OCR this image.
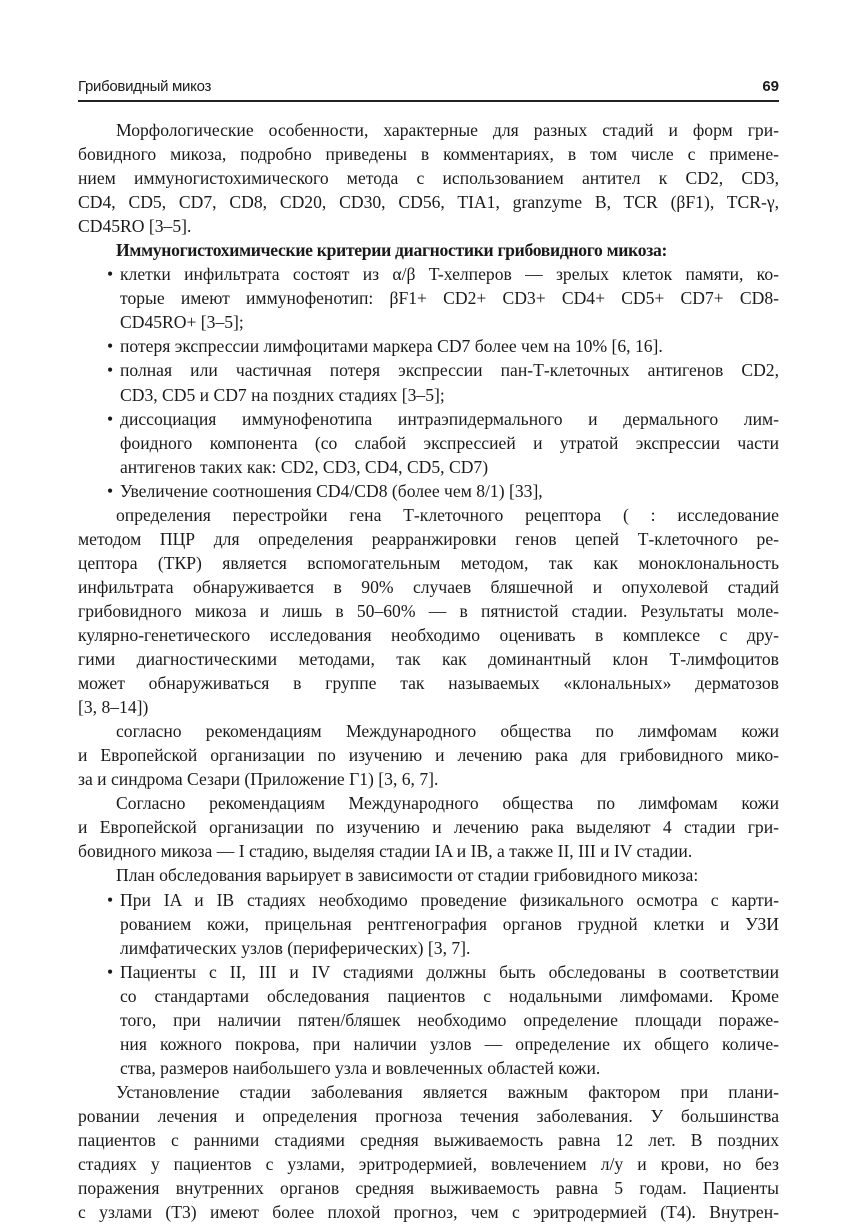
Грибовидный микоз	69
Морфологические особенности, характерные для разных стадий и форм гри-
бовидного микоза, подробно приведены в комментариях, в том числе с примене-
нием иммуногистохимического метода с использованием антител к CD2, CD3,
CD4, CD5, CD7, CD8, CD20, CD30, CD56, TIA1, granzyme B, TCR (βF1), TCR-γ,
CD45RO [3–5].
Иммуногистохимические критерии диагностики грибовидного микоза:
клетки инфильтрата состоят из α/β T-хелперов — зрелых клеток памяти, ко-
•
торые имеют иммунофенотип: βF1+ CD2+ CD3+ CD4+ CD5+ CD7+ CD8-
CD45RO+ [3–5];
потеря экспрессии лимфоцитами маркера CD7 более чем на 10% [6, 16].
•
полная или частичная потеря экспрессии пан-Т-клеточных антигенов CD2,
•
CD3, CD5 и CD7 на поздних стадиях [3–5];
диссоциация иммунофенотипа интраэпидермального и дермального лим-
•
фоидного компонента (со слабой экспрессией и утратой экспрессии части
антигенов таких как: CD2, CD3, CD4, CD5, CD7)
Увеличение соотношения CD4/CD8 (более чем 8/1) [33],
•
определения перестройки гена Т-клеточного рецептора ( : исследование
методом ПЦР для определения реарранжировки генов цепей Т-клеточного ре-
цептора (ТКР) является вспомогательным методом, так как моноклональность
инфильтрата обнаруживается в 90% случаев бляшечной и опухолевой стадий
грибовидного микоза и лишь в 50–60% — в пятнистой стадии. Результаты моле-
кулярно-генетического исследования необходимо оценивать в комплексе с дру-
гими диагностическими методами, так как доминантный клон Т-лимфоцитов
может обнаруживаться в группе так называемых «клональных» дерматозов
[3, 8–14])
согласно рекомендациям Международного общества по лимфомам кожи
и Европейской организации по изучению и лечению рака для грибовидного мико-
за и синдрома Сезари (Приложение Г1) [3, 6, 7].
Согласно рекомендациям Международного общества по лимфомам кожи
и Европейской организации по изучению и лечению рака выделяют 4 стадии гри-
бовидного микоза — I стадию, выделяя стадии IA и IB, а также II, III и IV стадии.
План обследования варьирует в зависимости от стадии грибовидного микоза:
При IA и IB стадиях необходимо проведение физикального осмотра с карти-
•
рованием кожи, прицельная рентгенография органов грудной клетки и УЗИ
лимфатических узлов (периферических) [3, 7].
Пациенты с II, III и IV стадиями должны быть обследованы в соответствии
•
со стандартами обследования пациентов с нодальными лимфомами. Кроме
того, при наличии пятен/бляшек необходимо определение площади пораже-
ния кожного покрова, при наличии узлов — определение их общего количе-
ства, размеров наибольшего узла и вовлеченных областей кожи.
Установление стадии заболевания является важным фактором при плани-
ровании лечения и определения прогноза течения заболевания. У большинства
пациентов с ранними стадиями средняя выживаемость равна 12 лет. В поздних
стадиях у пациентов с узлами, эритродермией, вовлечением л/у и крови, но без
поражения внутренних органов средняя выживаемость равна 5 годам. Пациенты
с узлами (Т3) имеют более плохой прогноз, чем с эритродермией (Т4). Внутрен-
